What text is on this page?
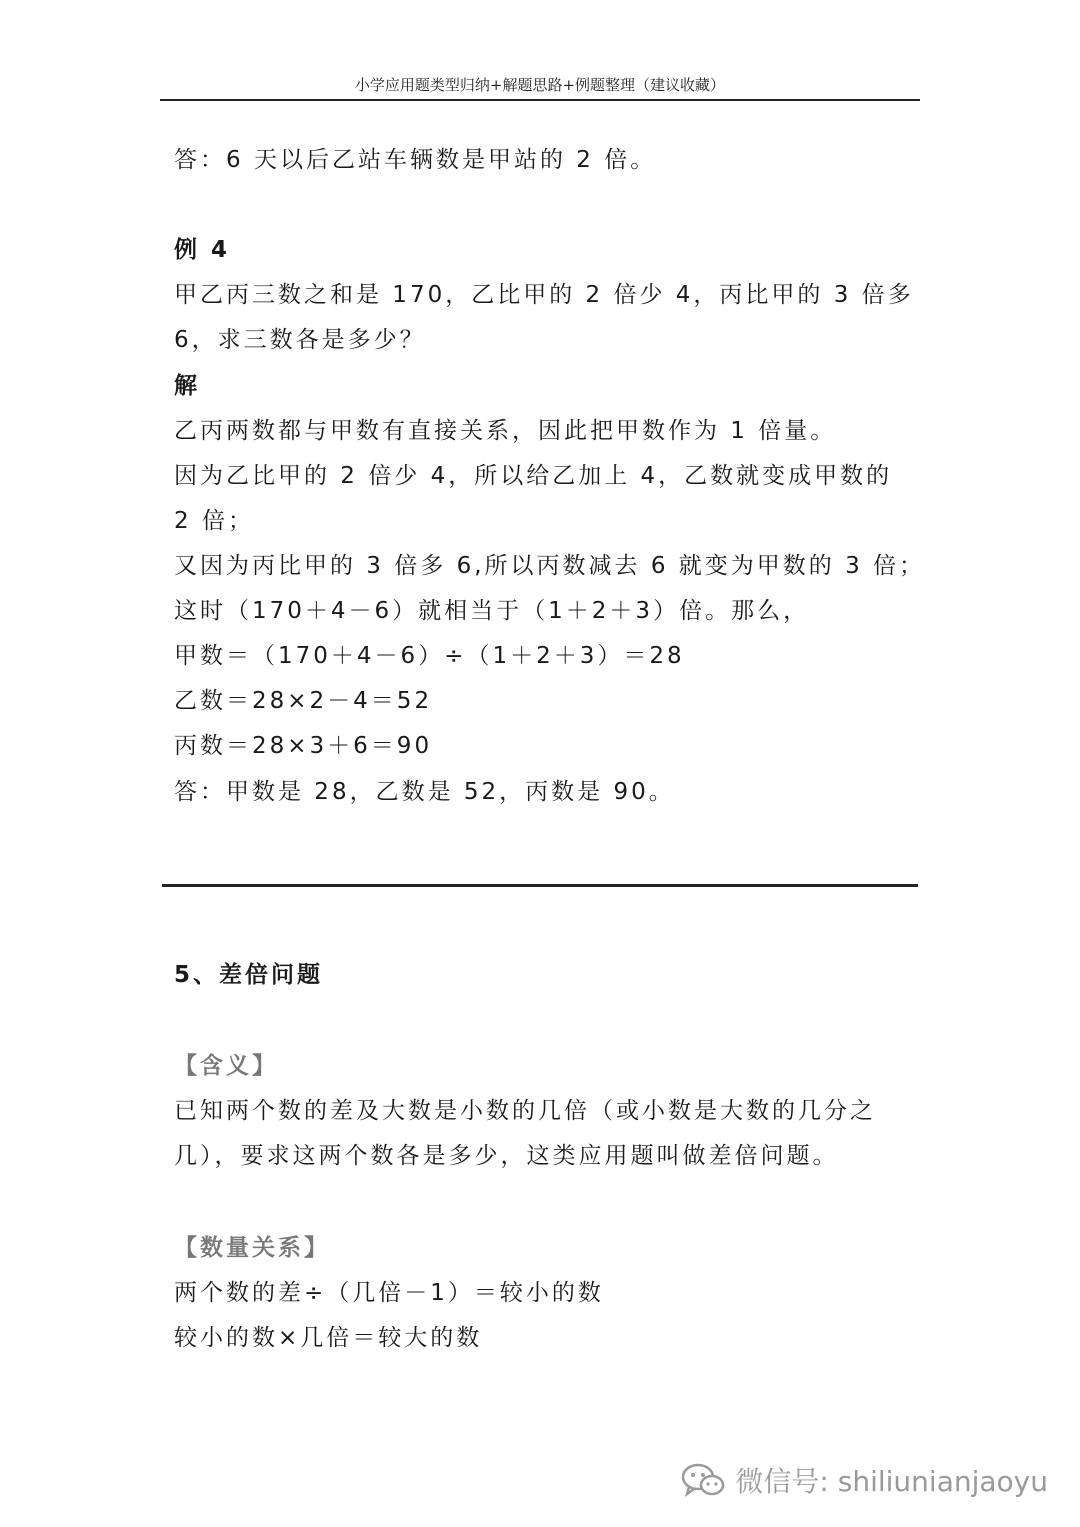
小学应用题类型归纳+解题思路+例题整理（建议收藏）
答：6 天以后乙站车辆数是甲站的 2 倍。
例 4
甲乙丙三数之和是 170，乙比甲的 2 倍少 4，丙比甲的 3 倍多
6，求三数各是多少？
解
乙丙两数都与甲数有直接关系，因此把甲数作为 1 倍量。
因为乙比甲的 2 倍少 4，所以给乙加上 4，乙数就变成甲数的
2 倍；
又因为丙比甲的 3 倍多 6,所以丙数减去 6 就变为甲数的 3 倍；
这时（170＋4－6）就相当于（1＋2＋3）倍。那么，
甲数＝（170＋4－6）÷（1＋2＋3）＝28
乙数＝28×2－4＝52
丙数＝28×3＋6＝90
答：甲数是 28，乙数是 52，丙数是 90。
5、差倍问题
【含义】
已知两个数的差及大数是小数的几倍（或小数是大数的几分之
几），要求这两个数各是多少，这类应用题叫做差倍问题。
【数量关系】
两个数的差÷（几倍－1）＝较小的数
较小的数×几倍＝较大的数
微信号: shiliunianjaoyu
